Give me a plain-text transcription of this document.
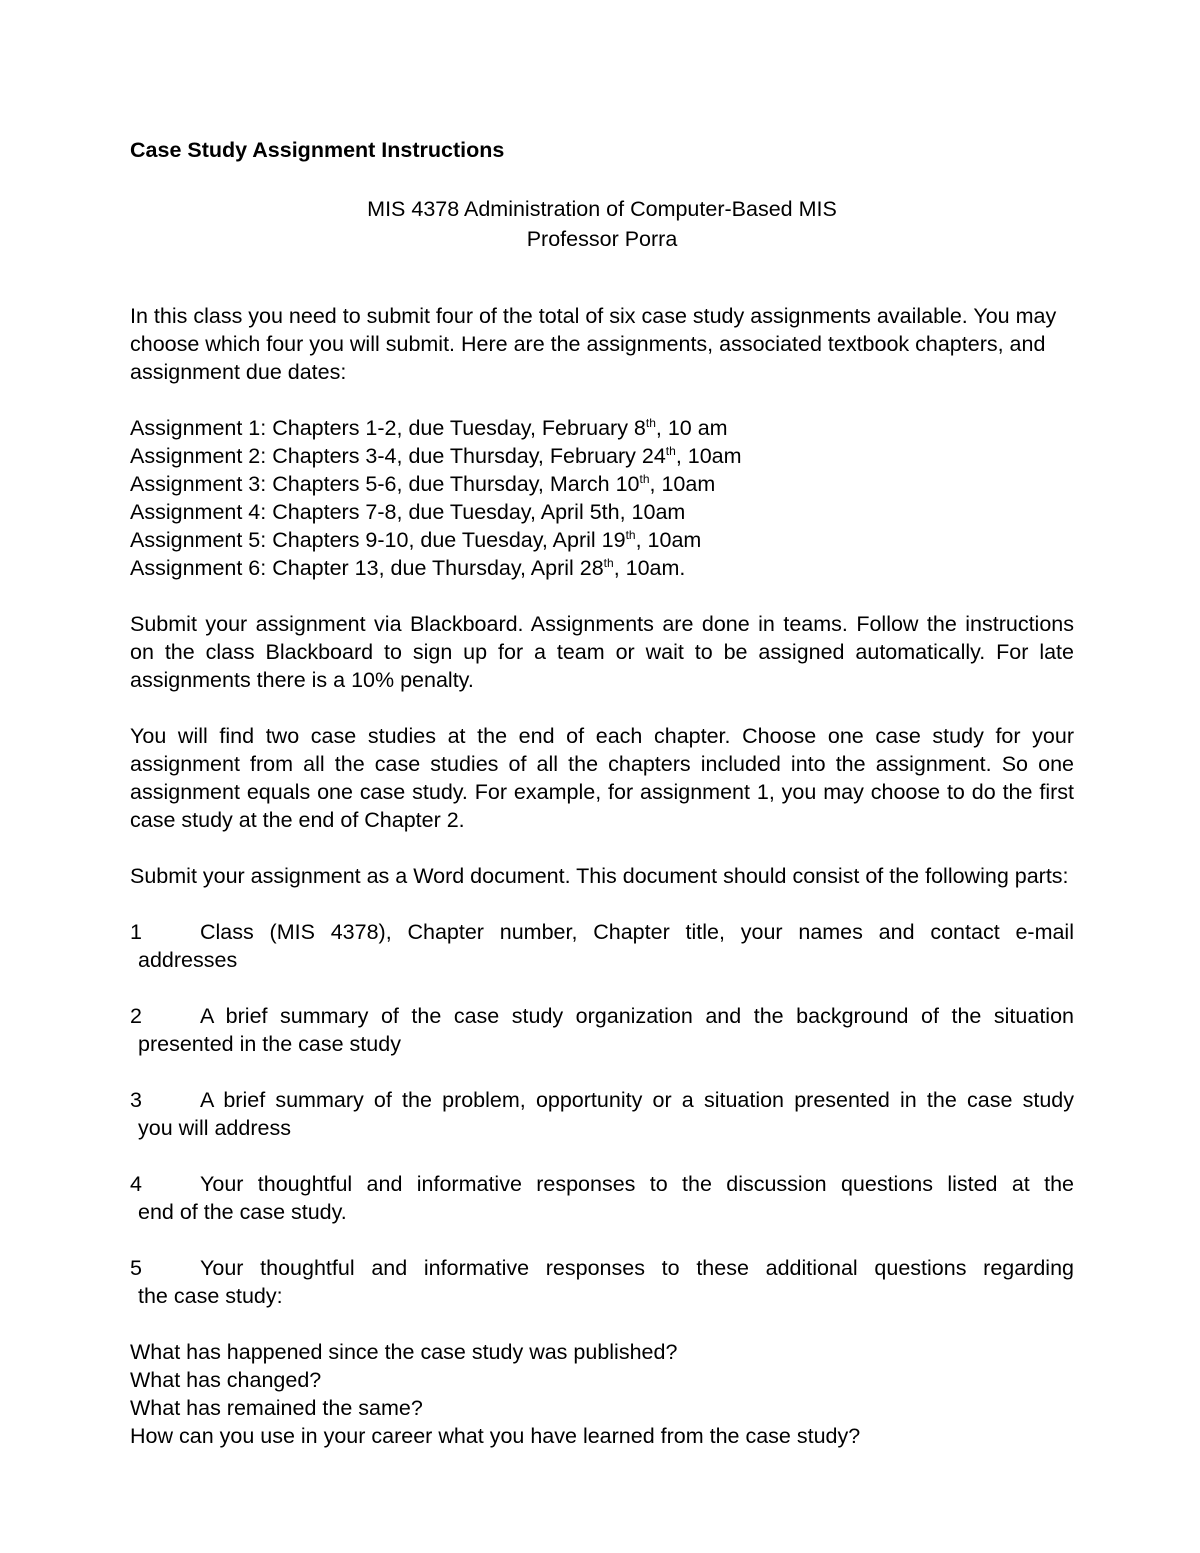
Case Study Assignment Instructions
MIS 4378 Administration of Computer-Based MIS
Professor Porra

In this class you need to submit four of the total of six case study assignments available. You may choose which four you will submit. Here are the assignments, associated textbook chapters, and assignment due dates:

Assignment 1: Chapters 1-2, due Tuesday, February 8th, 10 am
Assignment 2: Chapters 3-4, due Thursday, February 24th, 10am
Assignment 3: Chapters 5-6, due Thursday, March 10th, 10am
Assignment 4: Chapters 7-8, due Tuesday, April 5th, 10am
Assignment 5: Chapters 9-10, due Tuesday, April 19th, 10am
Assignment 6: Chapter 13, due Thursday, April 28th, 10am.

Submit your assignment via Blackboard. Assignments are done in teams. Follow the instructions on the class Blackboard to sign up for a team or wait to be assigned automatically. For late assignments there is a 10% penalty.

You will find two case studies at the end of each chapter. Choose one case study for your assignment from all the case studies of all the chapters included into the assignment. So one assignment equals one case study. For example, for assignment 1, you may choose to do the first case study at the end of Chapter 2.

Submit your assignment as a Word document. This document should consist of the following parts:

1	Class (MIS 4378), Chapter number, Chapter title, your names and contact e-mail
addresses
2	A brief summary of the case study organization and the background of the situation
presented in the case study
3	A brief summary of the problem, opportunity or a situation presented in the case study
you will address
4	Your thoughtful and informative responses to the discussion questions listed at the
end of the case study.
5	Your thoughtful and informative responses to these additional questions regarding
the case study:
What has happened since the case study was published?
What has changed?
What has remained the same?
How can you use in your career what you have learned from the case study?
